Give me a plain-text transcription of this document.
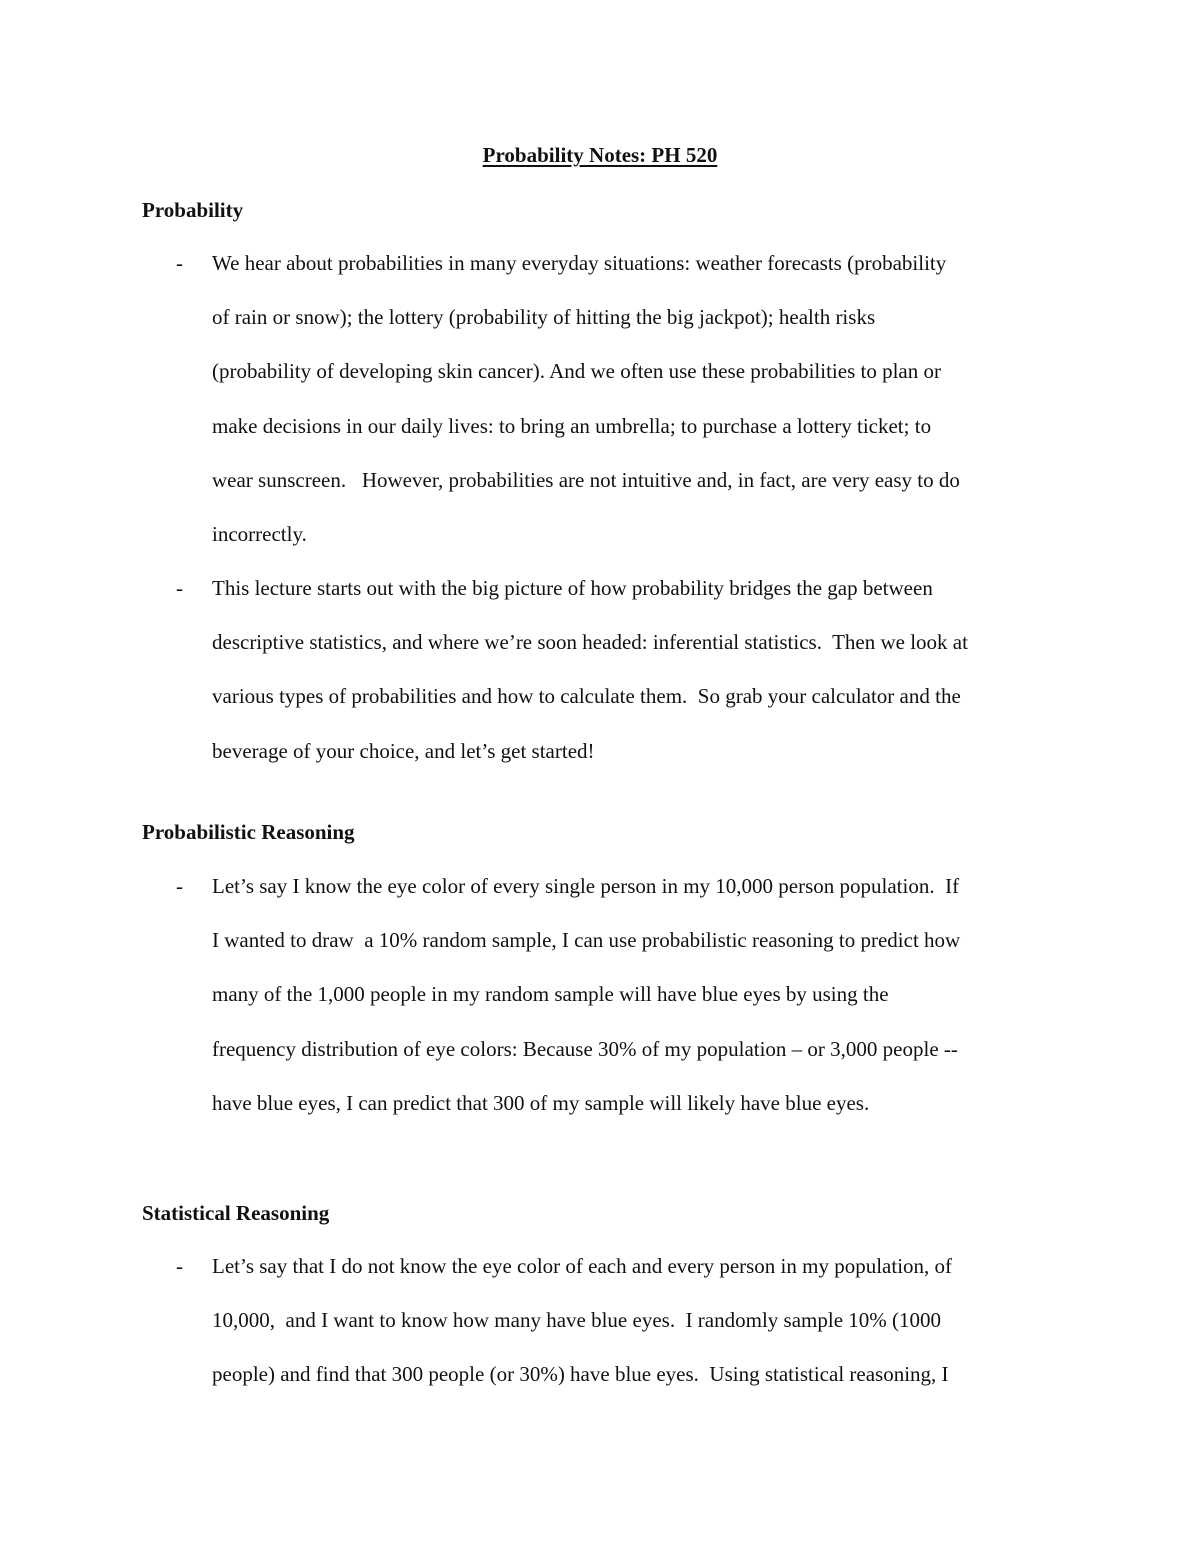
Probability Notes: PH 520
Probability
- We hear about probabilities in many everyday situations: weather forecasts (probability
of rain or snow); the lottery (probability of hitting the big jackpot); health risks
(probability of developing skin cancer). And we often use these probabilities to plan or
make decisions in our daily lives: to bring an umbrella; to purchase a lottery ticket; to
wear sunscreen.   However, probabilities are not intuitive and, in fact, are very easy to do
incorrectly.
- This lecture starts out with the big picture of how probability bridges the gap between
descriptive statistics, and where we’re soon headed: inferential statistics.  Then we look at
various types of probabilities and how to calculate them.  So grab your calculator and the
beverage of your choice, and let’s get started!
Probabilistic Reasoning
- Let’s say I know the eye color of every single person in my 10,000 person population.  If
I wanted to draw  a 10% random sample, I can use probabilistic reasoning to predict how
many of the 1,000 people in my random sample will have blue eyes by using the
frequency distribution of eye colors: Because 30% of my population – or 3,000 people --
have blue eyes, I can predict that 300 of my sample will likely have blue eyes.
Statistical Reasoning
- Let’s say that I do not know the eye color of each and every person in my population, of
10,000,  and I want to know how many have blue eyes.  I randomly sample 10% (1000
people) and find that 300 people (or 30%) have blue eyes.  Using statistical reasoning, I
